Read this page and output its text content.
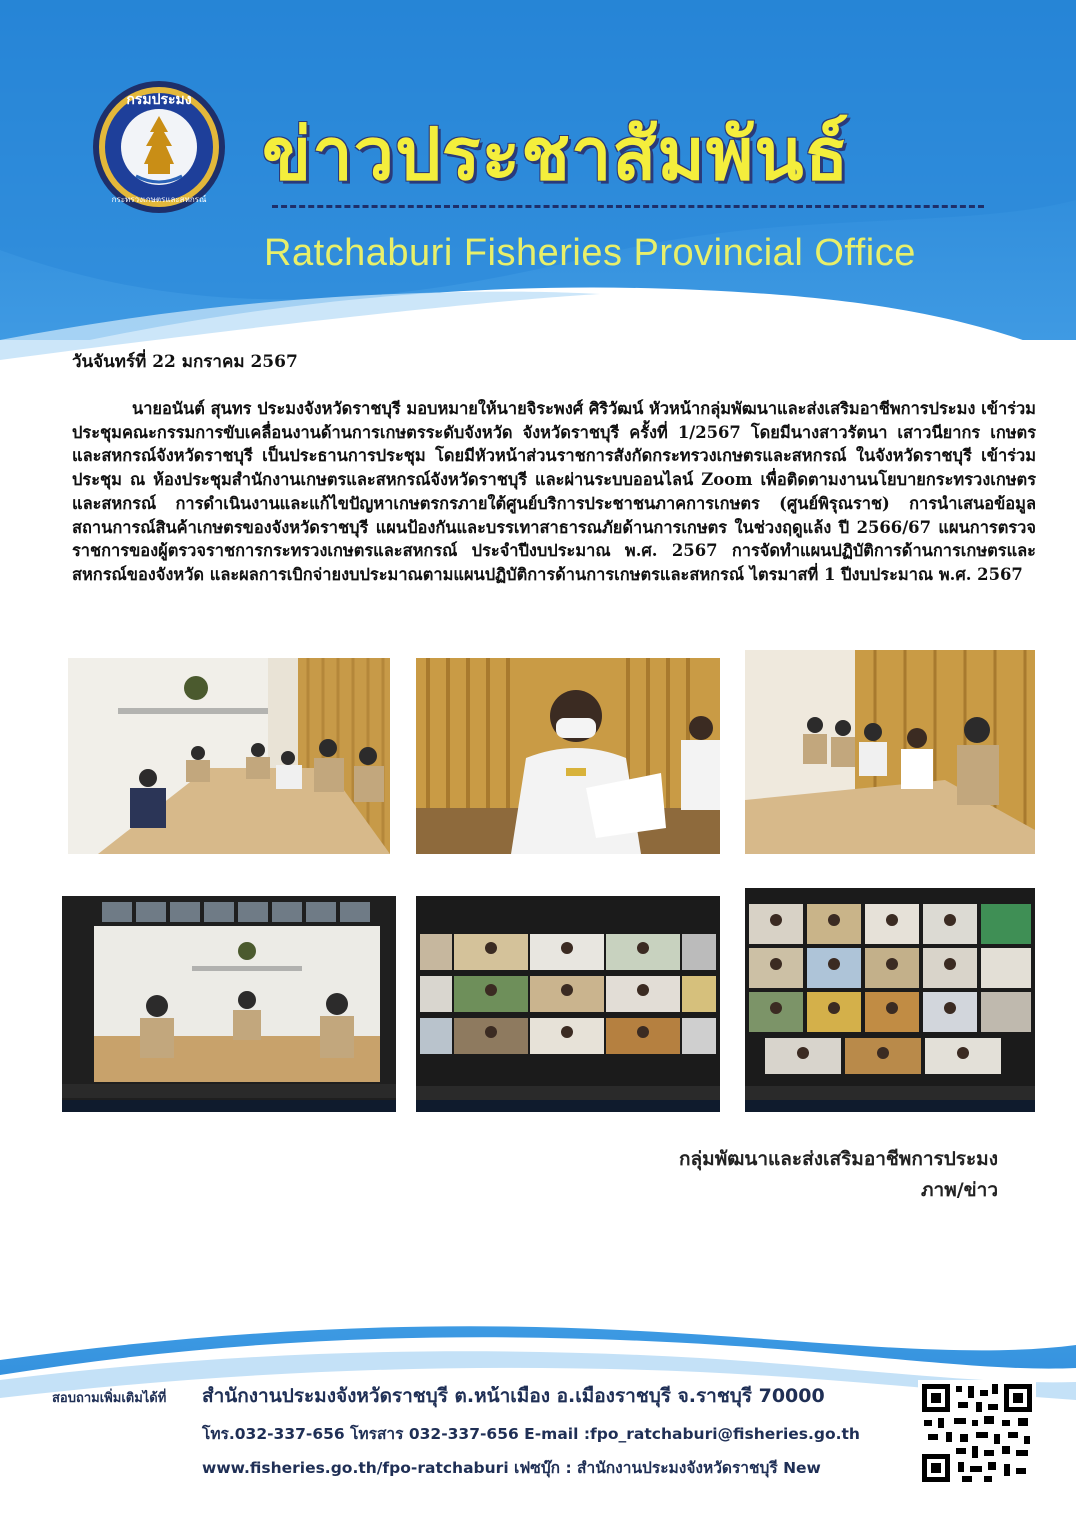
กรมประมง
กระทรวงเกษตรและสหกรณ์
ข่าวประชาสัมพันธ์
Ratchaburi Fisheries Provincial Office
วันจันทร์ที่ 22 มกราคม 2567
นายอนันต์ สุนทร ประมงจังหวัดราชบุรี มอบหมายให้นายจิระพงศ์ ศิริวัฒน์ หัวหน้ากลุ่มพัฒนาและส่งเสริมอาชีพการประมง เข้าร่วมประชุมคณะกรรมการขับเคลื่อนงานด้านการเกษตรระดับจังหวัด จังหวัดราชบุรี ครั้งที่ 1/2567 โดยมีนางสาวรัตนา เสาวนียากร เกษตรและสหกรณ์จังหวัดราชบุรี เป็นประธานการประชุม โดยมีหัวหน้าส่วนราชการสังกัดกระทรวงเกษตรและสหกรณ์ ในจังหวัดราชบุรี เข้าร่วมประชุม ณ ห้องประชุมสำนักงานเกษตรและสหกรณ์จังหวัดราชบุรี และผ่านระบบออนไลน์ Zoom เพื่อติดตามงานนโยบายกระทรวงเกษตรและสหกรณ์ การดำเนินงานและแก้ไขปัญหาเกษตรกรภายใต้ศูนย์บริการประชาชนภาคการเกษตร (ศูนย์พิรุณราช) การนำเสนอข้อมูลสถานการณ์สินค้าเกษตรของจังหวัดราชบุรี แผนป้องกันและบรรเทาสาธารณภัยด้านการเกษตร ในช่วงฤดูแล้ง ปี 2566/67 แผนการตรวจราชการของผู้ตรวจราชการกระทรวงเกษตรและสหกรณ์ ประจำปีงบประมาณ พ.ศ. 2567 การจัดทำแผนปฏิบัติการด้านการเกษตรและสหกรณ์ของจังหวัด และผลการเบิกจ่ายงบประมาณตามแผนปฏิบัติการด้านการเกษตรและสหกรณ์ ไตรมาสที่ 1 ปีงบประมาณ พ.ศ. 2567
กลุ่มพัฒนาและส่งเสริมอาชีพการประมง
ภาพ/ข่าว
สอบถามเพิ่มเติมได้ที่ สำนักงานประมงจังหวัดราชบุรี ต.หน้าเมือง อ.เมืองราชบุรี จ.ราชบุรี 70000
โทร.032-337-656 โทรสาร 032-337-656 E-mail :fpo_ratchaburi@fisheries.go.th
www.fisheries.go.th/fpo-ratchaburi เฟซบุ๊ก : สำนักงานประมงจังหวัดราชบุรี New
